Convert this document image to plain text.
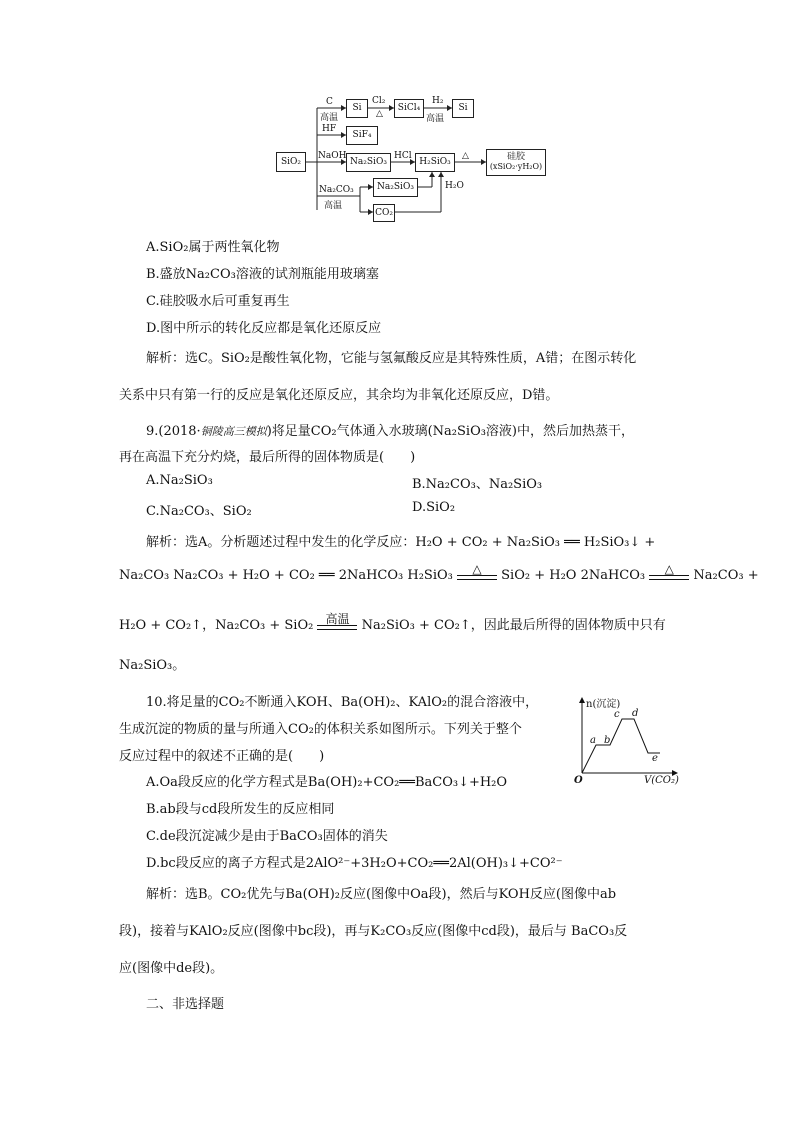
SiO₂
Si	SiCl₄	Si
SiF₄
Na₂SiO₃	H₂SiO₃	硅胶
(xSiO₂·yH₂O)
Na₂SiO₃
CO₂
C
高温
Cl₂
△
H₂
高温
HF
NaOH	HCl	△
Na₂CO₃
高温
H₂O
A.SiO₂属于两性氧化物
B.盛放Na₂CO₃溶液的试剂瓶能用玻璃塞
C.硅胶吸水后可重复再生
D.图中所示的转化反应都是氧化还原反应
解析：选C。SiO₂是酸性氧化物，它能与氢氟酸反应是其特殊性质，A错；在图示转化
关系中只有第一行的反应是氧化还原反应，其余均为非氧化还原反应，D错。
9.(2018·铜陵高三模拟)将足量CO₂气体通入水玻璃(Na₂SiO₃溶液)中，然后加热蒸干，
再在高温下充分灼烧，最后所得的固体物质是(　　)
A.Na₂SiO₃	B.Na₂CO₃、Na₂SiO₃
C.Na₂CO₃、SiO₂	D.SiO₂
解析：选A。分析题述过程中发生的化学反应：H₂O + CO₂ + Na₂SiO₃ ══ H₂SiO₃↓ +
Na₂CO₃ Na₂CO₃ + H₂O + CO₂ ══ 2NaHCO₃ H₂SiO₃	△	SiO₂ + H₂O 2NaHCO₃	△	Na₂CO₃ +
H₂O + CO₂↑，Na₂CO₃ + SiO₂	高温 Na₂SiO₃ + CO₂↑，因此最后所得的固体物质中只有
Na₂SiO₃。
10.将足量的CO₂不断通入KOH、Ba(OH)₂、KAlO₂的混合溶液中，
生成沉淀的物质的量与所通入CO₂的体积关系如图所示。下列关于整个
反应过程中的叙述不正确的是(　　)
A.Oa段反应的化学方程式是Ba(OH)₂+CO₂══BaCO₃↓+H₂O
B.ab段与cd段所发生的反应相同
C.de段沉淀减少是由于BaCO₃固体的消失
D.bc段反应的离子方程式是2AlO²⁻+3H₂O+CO₂══2Al(OH)₃↓+CO²⁻
解析：选B。CO₂优先与Ba(OH)₂反应(图像中Oa段)，然后与KOH反应(图像中ab
段)，接着与KAlO₂反应(图像中bc段)，再与K₂CO₃反应(图像中cd段)，最后与 BaCO₃反
应(图像中de段)。
n(沉淀)
V(CO₂)
O
a b
c d
e
二、非选择题
